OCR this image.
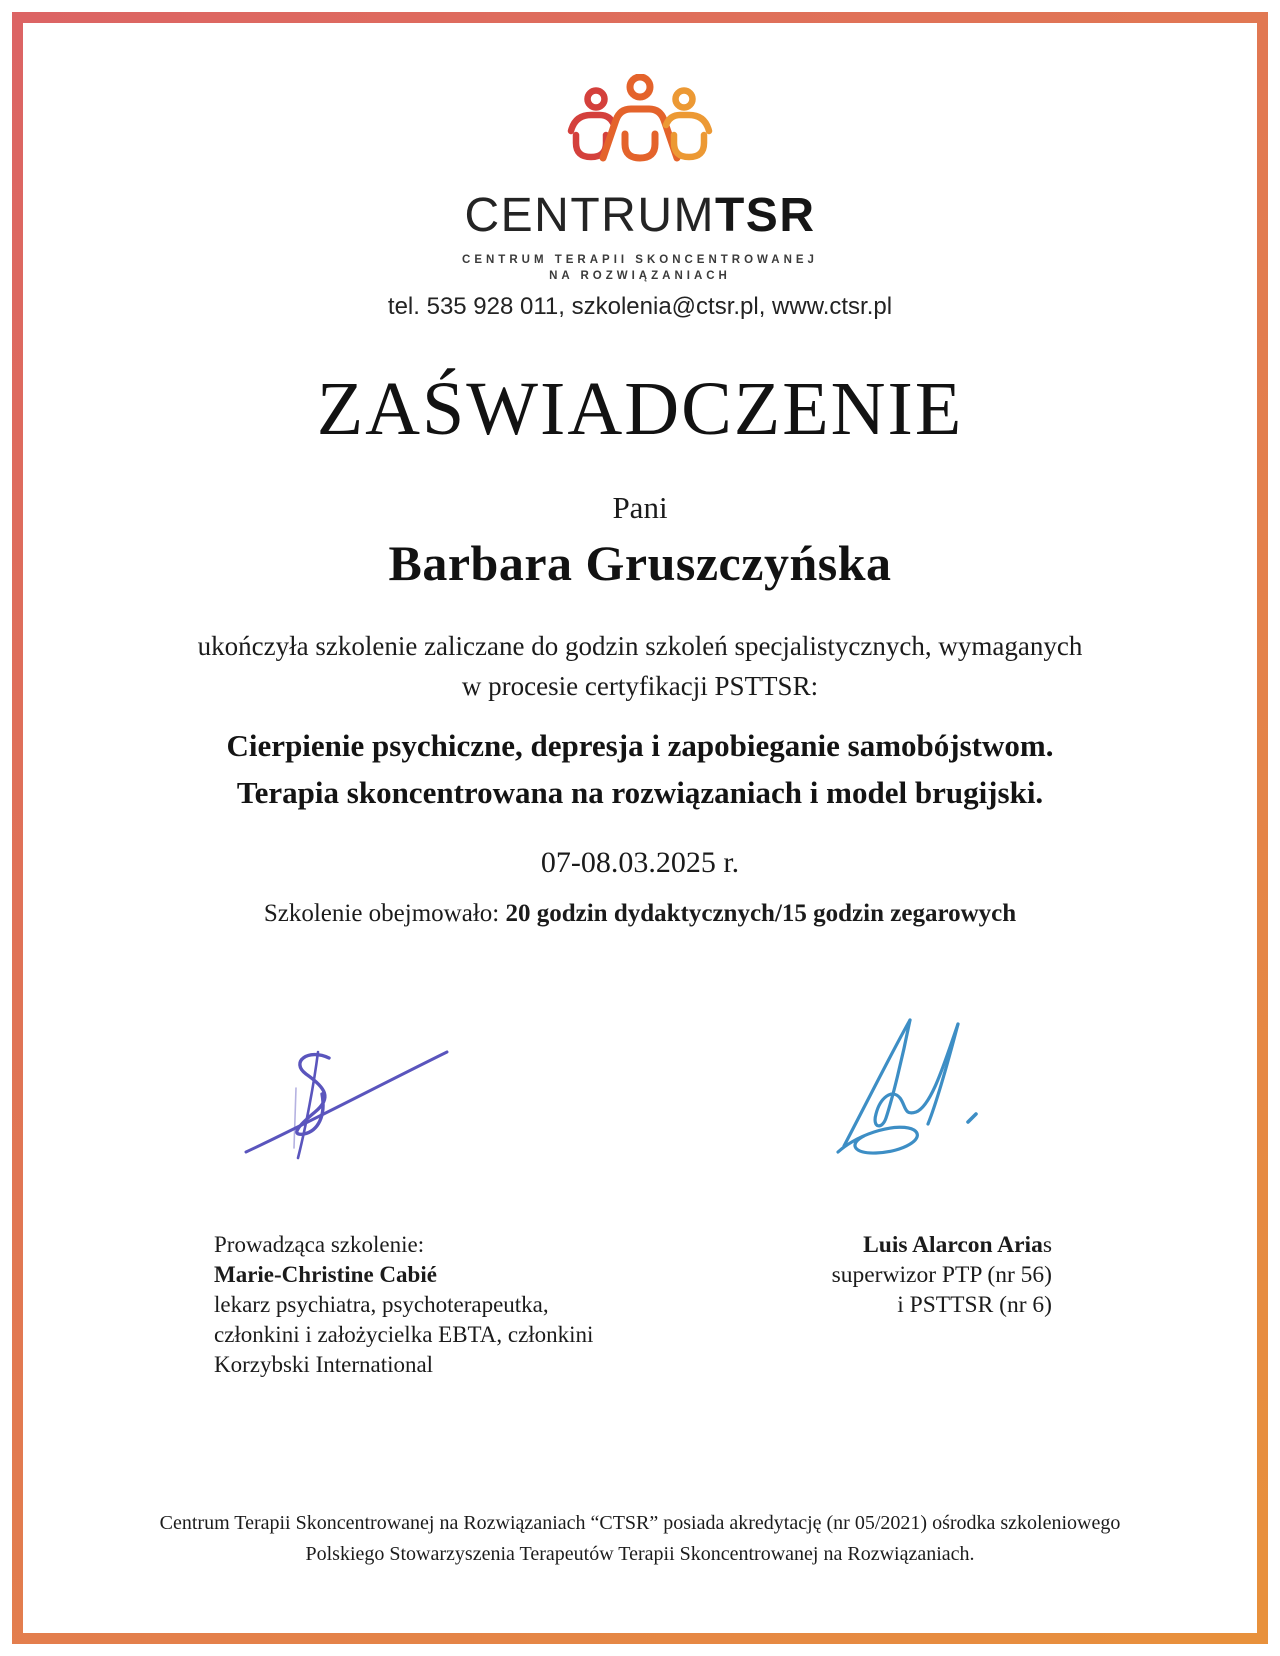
CENTRUMTSR
CENTRUM TERAPII SKONCENTROWANEJ
NA ROZWIĄZANIACH
tel. 535 928 011, szkolenia@ctsr.pl, www.ctsr.pl
ZAŚWIADCZENIE
Pani
Barbara Gruszczyńska
ukończyła szkolenie zaliczane do godzin szkoleń specjalistycznych, wymaganych
w procesie certyfikacji PSTTSR:
Cierpienie psychiczne, depresja i zapobieganie samobójstwom.
Terapia skoncentrowana na rozwiązaniach i model brugijski.
07-08.03.2025 r.
Szkolenie obejmowało: 20 godzin dydaktycznych/15 godzin zegarowych
Prowadząca szkolenie:
Marie-Christine Cabié
lekarz psychiatra, psychoterapeutka,
członkini i założycielka EBTA, członkini
Korzybski International
Luis Alarcon Arias
superwizor PTP (nr 56)
i PSTTSR (nr 6)
Centrum Terapii Skoncentrowanej na Rozwiązaniach “CTSR” posiada akredytację (nr 05/2021) ośrodka szkoleniowego
Polskiego Stowarzyszenia Terapeutów Terapii Skoncentrowanej na Rozwiązaniach.
